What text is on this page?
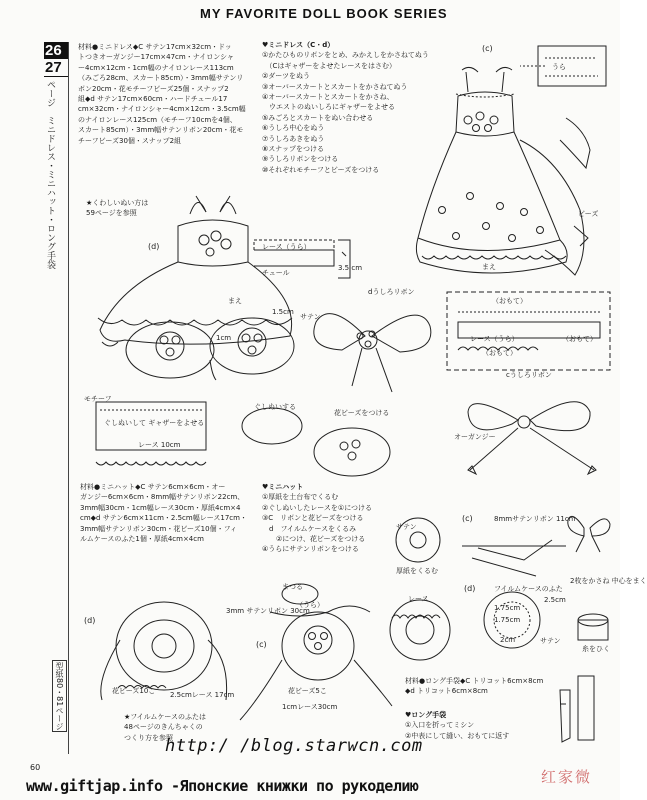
MY FAVORITE DOLL BOOK SERIES
26
27
ページ　ミニドレス・ミニハット・ロング手袋
型紙80・81ページ
材料●ミニドレス◆C サテン17cm×32cm・ドッ
トつきオーガンジー17cm×47cm・ナイロンシャ
ー4cm×12cm・1cm幅のナイロンレース113cm
（みごろ28cm、スカート85cm）・3mm幅サテンリ
ボン20cm・花モチーフビーズ25個・スナップ2
組◆d サテン17cm×60cm・ハードチュール17
cm×32cm・ナイロンシャー4cm×12cm・3.5cm幅
のナイロンレース125cm（モチーフ10cmを4個、
スカート85cm）・3mm幅サテンリボン20cm・花モ
チーフビーズ30個・スナップ2組
♥ミニドレス（C・d）
①かたひものリボンをとめ、みかえしをかさねてぬう
　（Cはギャザーをよせたレースをはさむ）
②ダーツをぬう
③オーバースカートとスカートをかさねてぬう
④オーバースカートとスカートをかさね、
　ウエストのぬいしろにギャザーをよせる
⑤みごろとスカートをぬい合わせる
⑥うしろ中心をぬう
⑦うしろあきをぬう
⑧スナップをつける
⑨うしろリボンをつける
⑩それぞれモチーフとビーズをつける
材料●ミニハット◆C サテン6cm×6cm・オー
ガンジー6cm×6cm・8mm幅サテンリボン22cm、
3mm幅30cm・1cm幅レース30cm・厚紙4cm×4
cm◆d サテン6cm×11cm・2.5cm幅レース17cm・
3mm幅サテンリボン30cm・花ビーズ10個・フィ
ルムケースのふた1個・厚紙4cm×4cm
♥ミニハット
①厚紙を土台布でくるむ
②ぐしぬいしたレースを①につける
③C　リボンと花ビーズをつける
　d　フイルムケースをくるみ
　　②につけ、花ビーズをつける
④うらにサテンリボンをつける
材料●ロング手袋◆C トリコット6cm×8cm
◆d トリコット6cm×8cm
♥ロング手袋
①入口を折ってミシン
②中表にして縫い、おもてに返す
★くわしいぬい方は
59ページを参照
★フイルムケースのふたは
48ページのきんちゃくの
つくり方を参照
(c)
うら
ビーズ
まえ
(d)
まえ
レース（うら）
チュール
3.5 cm
dうしろリボン
サテン
（おもて）
レース（うら）
（おもて）
（おもて）
cうしろリボン
オーガンジー
モチーフ
ぐしぬいして ギャザーをよせる
レース 10cm
ぐしぬいする
花ビーズをつける
1cm
1.5cm
サテン
厚紙をくるむ
レース
(c)	8mmサテンリボン 11cm
2枚をかさね 中心をまく
(d)	フイルムケースのふた
1.75cm
1.75cm
2.5cm
2cm
糸をひく
サテン
(d)
花ビーズ10こ 2.5cmレース 17cm
3mm サテンリボン 30cm
(c)
まつる
（うら）
花ビーズ5こ
1cmレース30cm
60
http:/ /blog.starwcn.com
www.giftjap.info -Японские книжки по рукоделию	红家微
